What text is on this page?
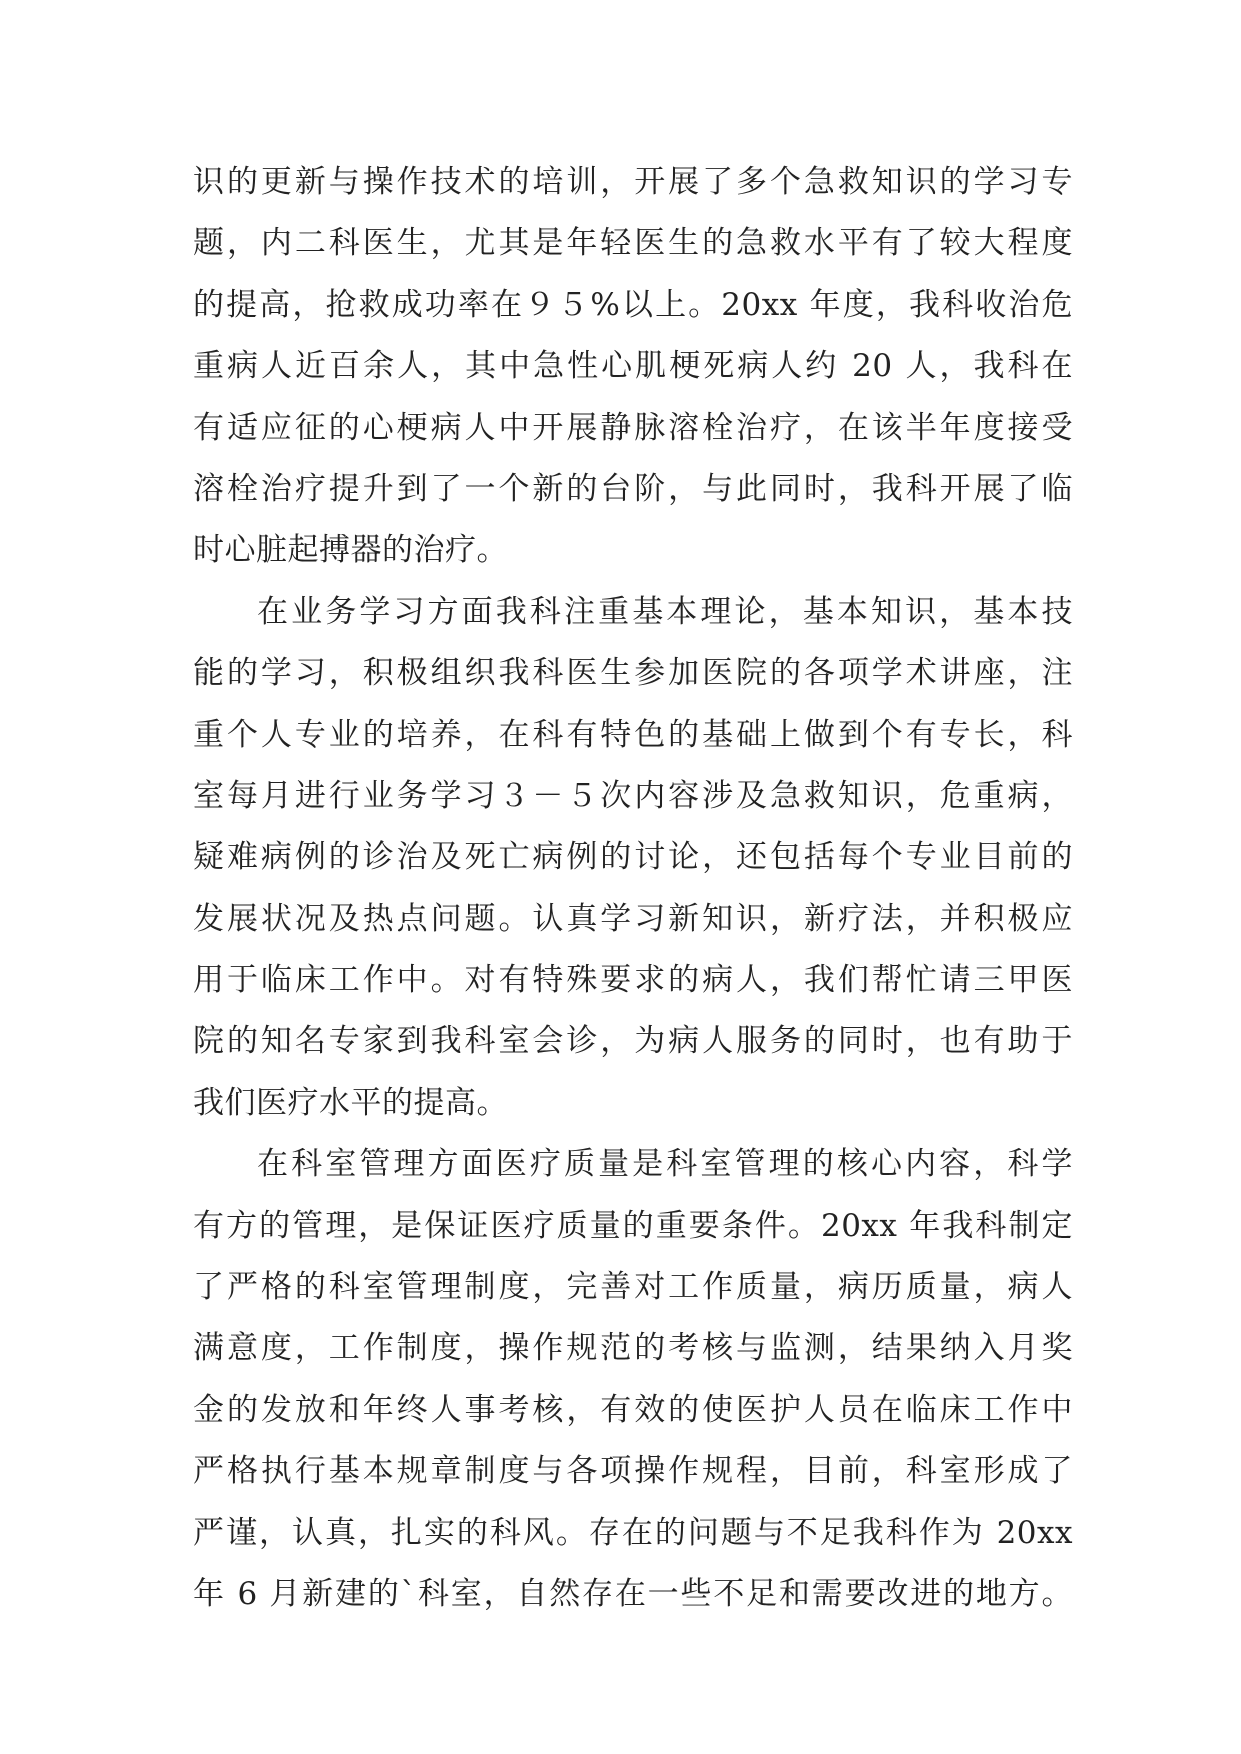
识的更新与操作技术的培训，开展了多个急救知识的学习专
题，内二科医生，尤其是年轻医生的急救水平有了较大程度
的提高，抢救成功率在９５%以上。20xx 年度，我科收治危
重病人近百余人，其中急性心肌梗死病人约 20 人，我科在
有适应征的心梗病人中开展静脉溶栓治疗，在该半年度接受
溶栓治疗提升到了一个新的台阶，与此同时，我科开展了临
时心脏起搏器的治疗。
在业务学习方面我科注重基本理论，基本知识，基本技
能的学习，积极组织我科医生参加医院的各项学术讲座，注
重个人专业的培养，在科有特色的基础上做到个有专长，科
室每月进行业务学习３－５次内容涉及急救知识，危重病，
疑难病例的诊治及死亡病例的讨论，还包括每个专业目前的
发展状况及热点问题。认真学习新知识，新疗法，并积极应
用于临床工作中。对有特殊要求的病人，我们帮忙请三甲医
院的知名专家到我科室会诊，为病人服务的同时，也有助于
我们医疗水平的提高。
在科室管理方面医疗质量是科室管理的核心内容，科学
有方的管理，是保证医疗质量的重要条件。20xx 年我科制定
了严格的科室管理制度，完善对工作质量，病历质量，病人
满意度，工作制度，操作规范的考核与监测，结果纳入月奖
金的发放和年终人事考核，有效的使医护人员在临床工作中
严格执行基本规章制度与各项操作规程，目前，科室形成了
严谨，认真，扎实的科风。存在的问题与不足我科作为 20xx
年 6 月新建的`科室，自然存在一些不足和需要改进的地方。
